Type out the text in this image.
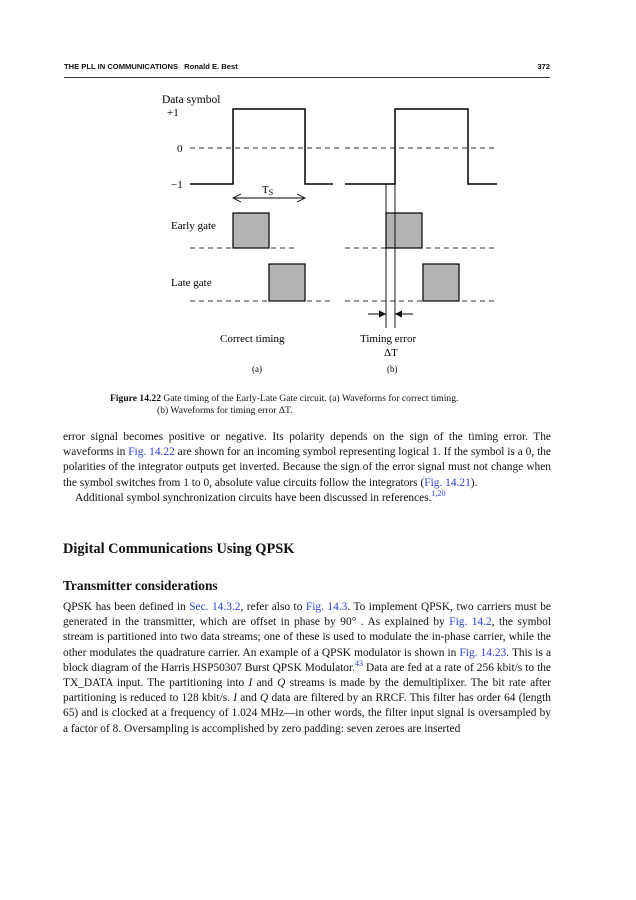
THE PLL IN COMMUNICATIONS Ronald E. Best	372
Data symbol
+1
0
−1
Early gate
Late gate
TS
Correct timing	Timing error
ΔT
(a)	(b)
Figure 14.22 Gate timing of the Early-Late Gate circuit. (a) Waveforms for correct timing.
(b) Waveforms for timing error ΔT.

error signal becomes positive or negative. Its polarity depends on the sign of the timing error. The waveforms in Fig. 14.22 are shown for an incoming symbol representing logical 1. If the symbol is a 0, the polarities of the integrator outputs get inverted. Because the sign of the error signal must not change when the symbol switches from 1 to 0, absolute value circuits follow the integrators (Fig. 14.21).

Additional symbol synchronization circuits have been discussed in references.$^{1,20}$

Digital Communications Using QPSK
Transmitter considerations

QPSK has been defined in Sec. 14.3.2, refer also to Fig. 14.3. To implement QPSK, two carriers must be generated in the transmitter, which are offset in phase by 90° . As explained by Fig. 14.2, the symbol stream is partitioned into two data streams; one of these is used to modulate the in-phase carrier, while the other modulates the quadrature carrier. An example of a QPSK modulator is shown in Fig. 14.23. This is a block diagram of the Harris HSP50307 Burst QPSK Modulator.$^{43}$ Data are fed at a rate of 256 kbit/s to the TX_DATA input. The partitioning into I and Q streams is made by the demultiplixer. The bit rate after partitioning is reduced to 128 kbit/s. I and Q data are filtered by an RRCF. This filter has order 64 (length 65) and is clocked at a frequency of 1.024 MHz—in other words, the filter input signal is oversampled by a factor of 8. Oversampling is accomplished by zero padding: seven zeroes are inserted
